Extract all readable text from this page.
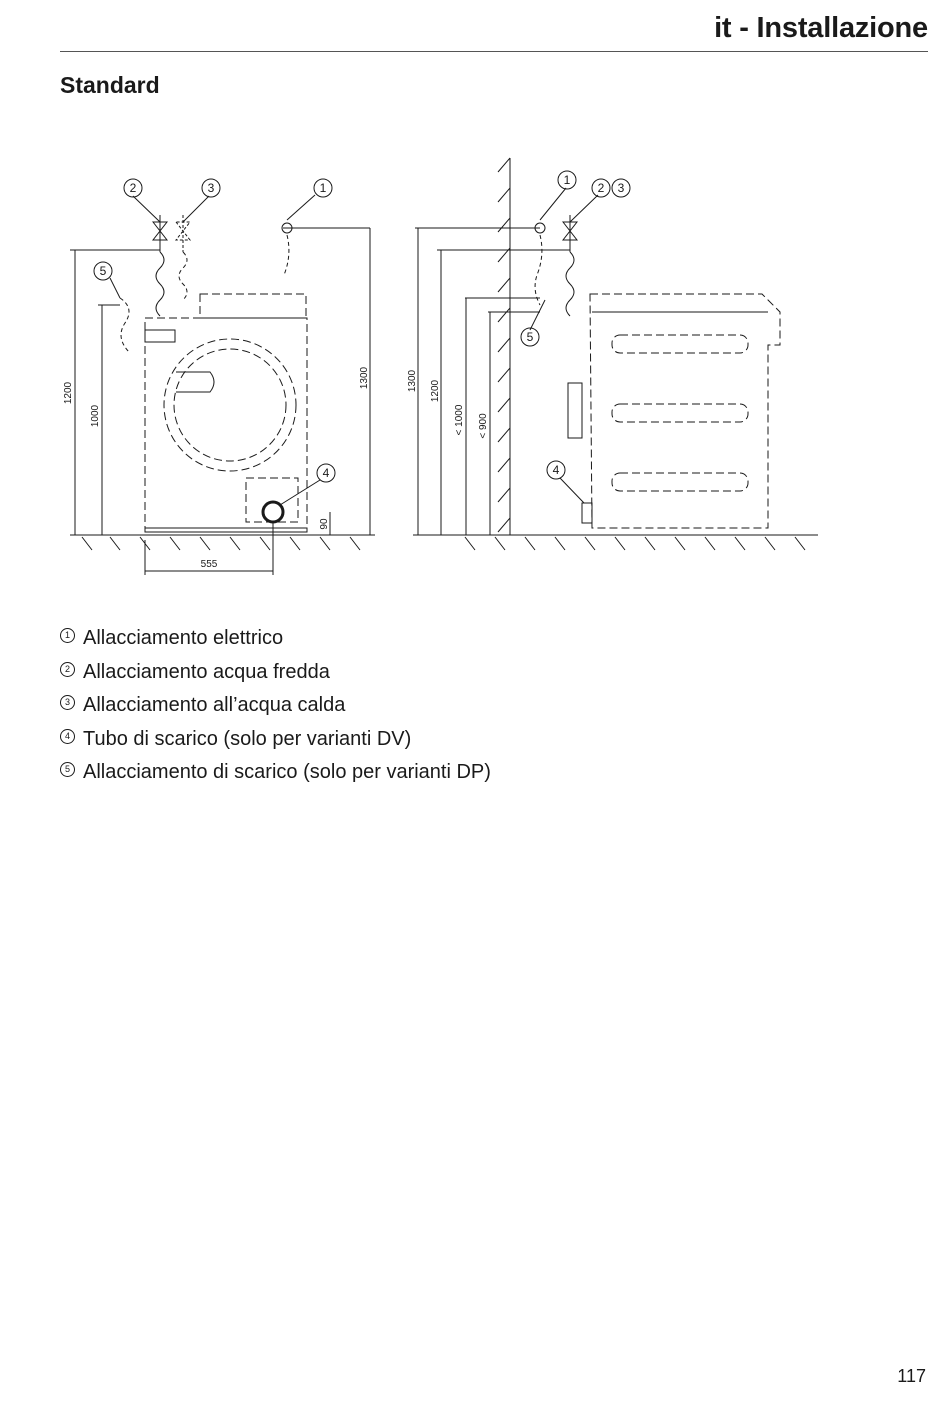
it - Installazione
Standard
2	3	1
5
4
1
2 3
5
4
1200
1000
1300
90
555
1300 1200
< 1000 < 900
1 Allacciamento elettrico
2 Allacciamento acqua fredda
3 Allacciamento all’acqua calda
4 Tubo di scarico (solo per varianti DV)
5 Allacciamento di scarico (solo per varianti DP)
117
